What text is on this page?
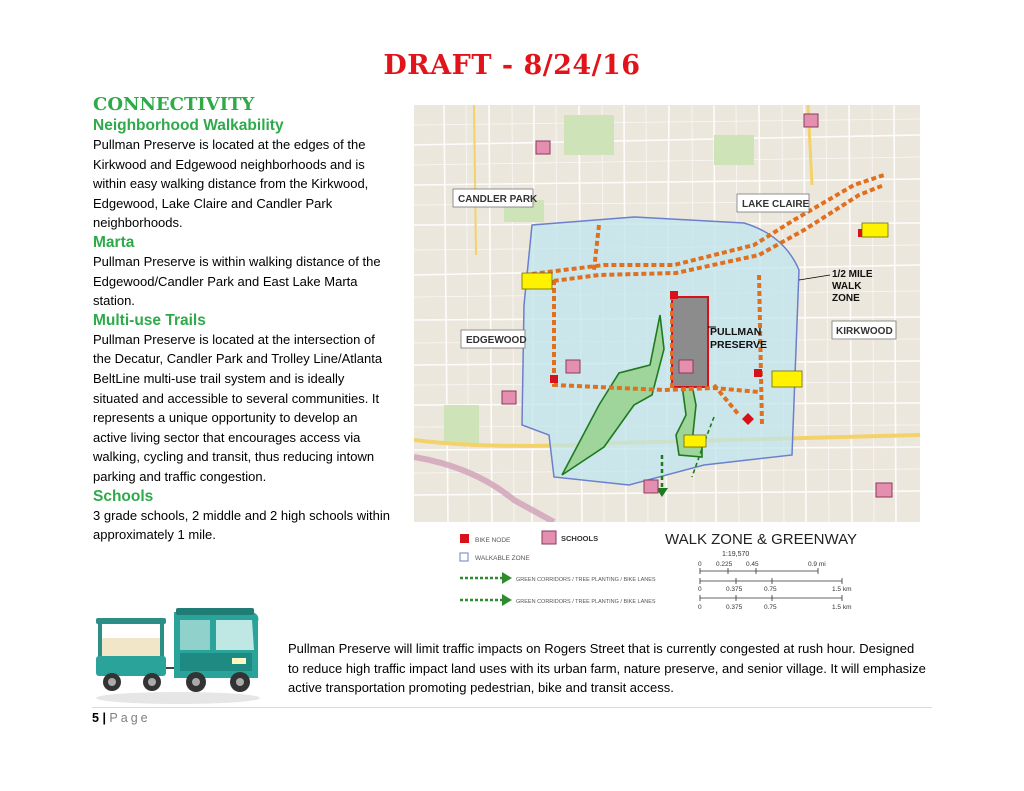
DRAFT - 8/24/16
CONNECTIVITY
Neighborhood Walkability

Pullman Preserve is located at the edges of the Kirkwood and Edgewood neighborhoods and is within easy walking distance from the Kirkwood, Edgewood, Lake Claire and Candler Park neighborhoods.

Marta

Pullman Preserve is within walking distance of the Edgewood/Candler Park and East Lake Marta station.

Multi-use Trails

Pullman Preserve is located at the intersection of the Decatur, Candler Park and Trolley Line/Atlanta BeltLine multi-use trail system and is ideally situated and accessible to several communities. It represents a unique opportunity to develop an active living sector that encourages access via walking, cycling and transit, thus reducing intown parking and traffic congestion.

Schools

3 grade schools, 2 middle and 2 high schools within approximately 1 mile.

CANDLER PARK	LAKE CLAIRE
EDGEWOOD
KIRKWOOD
PULLMAN
PRESERVE
1/2 MILE
WALK
ZONE
BIKE NODE	SCHOOLS
WALKABLE ZONE
GREEN CORRIDORS / TREE PLANTING / BIKE LANES
GREEN CORRIDORS / TREE PLANTING / BIKE LANES
WALK ZONE & GREENWAY
1:19,570
0 0.225 0.45	0.9 mi
0	0.375	0.75	1.5 km
0	0.375	0.75	1.5 km

Pullman Preserve will limit traffic impacts on Rogers Street that is currently congested at rush hour. Designed to reduce high traffic impact land uses with its urban farm, nature preserve, and senior village. It will emphasize active transportation promoting pedestrian, bike and transit access.

5 | Page
